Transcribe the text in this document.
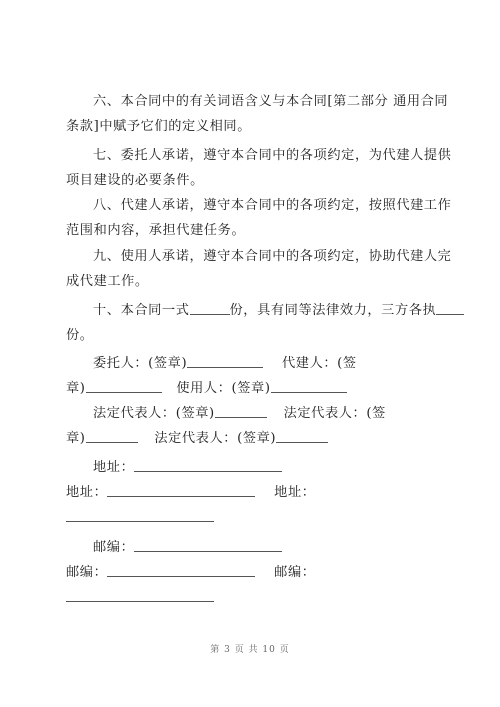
六、本合同中的有关词语含义与本合同[第二部分 通用合同
条款]中赋予它们的定义相同。
七、委托人承诺，遵守本合同中的各项约定，为代建人提供
项目建设的必要条件。
八、代建人承诺，遵守本合同中的各项约定，按照代建工作
范围和内容，承担代建任务。
九、使用人承诺，遵守本合同中的各项约定，协助代建人完
成代建工作。
十、本合同一式	份，具有同等法律效力，三方各执
份。
委托人：(签章)	代建人：(签
章)	使用人：(签章)
法定代表人：(签章)	法定代表人：(签
章)	法定代表人：(签章)
地址：
地址：	地址：
邮编：
邮编：	邮编：
第 3 页 共 10 页
